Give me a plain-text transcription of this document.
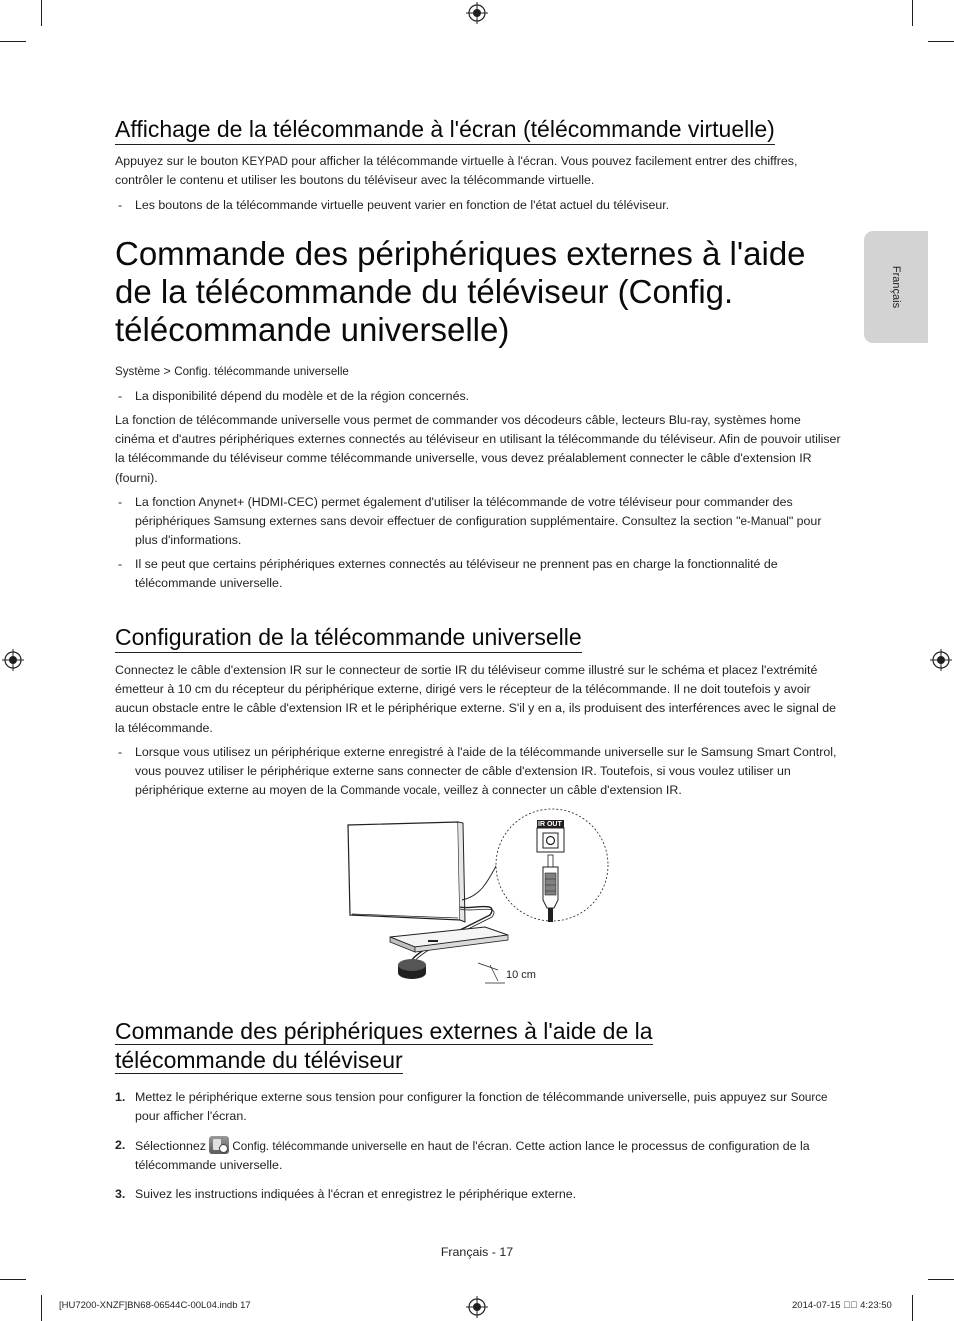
Français
Affichage de la télécommande à l'écran (télécommande virtuelle)
Appuyez sur le bouton KEYPAD pour afficher la télécommande virtuelle à l'écran. Vous pouvez facilement entrer des chiffres, contrôler le contenu et utiliser les boutons du téléviseur avec la télécommande virtuelle.
- Les boutons de la télécommande virtuelle peuvent varier en fonction de l'état actuel du téléviseur.
Commande des périphériques externes à l'aide de la télécommande du téléviseur (Config. télécommande universelle)
Système > Config. télécommande universelle
- La disponibilité dépend du modèle et de la région concernés.
La fonction de télécommande universelle vous permet de commander vos décodeurs câble, lecteurs Blu-ray, systèmes home cinéma et d'autres périphériques externes connectés au téléviseur en utilisant la télécommande du téléviseur. Afin de pouvoir utiliser la télécommande du téléviseur comme télécommande universelle, vous devez préalablement connecter le câble d'extension IR (fourni).
- La fonction Anynet+ (HDMI-CEC) permet également d'utiliser la télécommande de votre téléviseur pour commander des périphériques Samsung externes sans devoir effectuer de configuration supplémentaire. Consultez la section "e-Manual" pour plus d'informations.
- Il se peut que certains périphériques externes connectés au téléviseur ne prennent pas en charge la fonctionnalité de télécommande universelle.
Configuration de la télécommande universelle
Connectez le câble d'extension IR sur le connecteur de sortie IR du téléviseur comme illustré sur le schéma et placez l'extrémité émetteur à 10 cm du récepteur du périphérique externe, dirigé vers le récepteur de la télécommande. Il ne doit toutefois y avoir aucun obstacle entre le câble d'extension IR et le périphérique externe. S'il y en a, ils produisent des interférences avec le signal de la télécommande.
- Lorsque vous utilisez un périphérique externe enregistré à l'aide de la télécommande universelle sur le Samsung Smart Control, vous pouvez utiliser le périphérique externe sans connecter de câble d'extension IR. Toutefois, si vous voulez utiliser un périphérique externe au moyen de la Commande vocale, veillez à connecter un câble d'extension IR.
IR OUT
10 cm
Commande des périphériques externes à l'aide de la télécommande du téléviseur
1. Mettez le périphérique externe sous tension pour configurer la fonction de télécommande universelle, puis appuyez sur Source pour afficher l'écran.
2. Sélectionnez
Config. télécommande universelle en haut de l'écran. Cette action lance le processus de configuration de la télécommande universelle.
3. Suivez les instructions indiquées à l'écran et enregistrez le périphérique externe.
Français - 17
[HU7200-XNZF]BN68-06544C-00L04.indb 17	2014-07-15 ￿￿ 4:23:50
